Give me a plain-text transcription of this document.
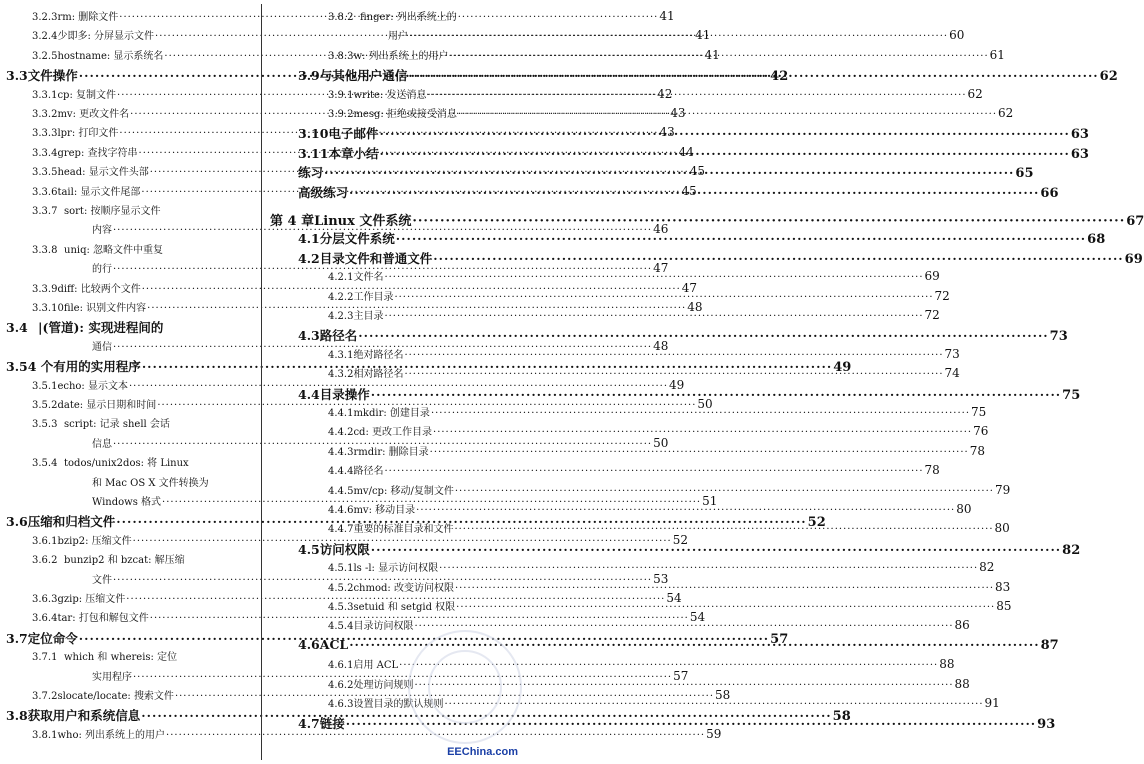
3.2.3 rm: 删除文件 ·····	41
3.2.4 少即多: 分屏显示文件 ·····	41
3.2.5 hostname: 显示系统名 ·····	41
3.3 文件操作 ·····	42
3.3.1 cp: 复制文件 ·····	42
3.3.2 mv: 更改文件名 ·····	43
3.3.3 lpr: 打印文件 ·····	43
3.3.4 grep: 查找字符串 ·····	44
3.3.5 head: 显示文件头部 ·····	45
3.3.6 tail: 显示文件尾部 ·····	45
3.3.7 sort: 按顺序显示文件
内容 ·····	46
3.3.8 uniq: 忽略文件中重复
的行 ·····	47
3.3.9 diff: 比较两个文件 ·····	47
3.3.10 file: 识别文件内容 ·····	48
3.4 |(管道): 实现进程间的
通信 ·····	48
3.5 4 个有用的实用程序 ·····	49
3.5.1 echo: 显示文本 ·····	49
3.5.2 date: 显示日期和时间 ·····	50
3.5.3 script: 记录 shell 会话
信息 ·····	50
3.5.4 todos/unix2dos: 将 Linux
和 Mac OS X 文件转换为
Windows 格式 ·····	51
3.6 压缩和归档文件 ·····	52
3.6.1 bzip2: 压缩文件 ·····	52
3.6.2 bunzip2 和 bzcat: 解压缩
文件 ·····	53
3.6.3 gzip: 压缩文件 ·····	54
3.6.4 tar: 打包和解包文件 ·····	54
3.7 定位命令 ·····	57
3.7.1 which 和 whereis: 定位
实用程序 ·····	57
3.7.2 slocate/locate: 搜索文件 ·····	58
3.8 获取用户和系统信息 ·····	58
3.8.1 who: 列出系统上的用户 ·····	59
3.8.2 finger: 列出系统上的
用户 ·····	60
3.8.3 w: 列出系统上的用户 ·····	61
3.9 与其他用户通信 ·····	62
3.9.1 write: 发送消息 ·····	62
3.9.2 mesg: 拒绝或接受消息 ·····	62
3.10 电子邮件 ·····	63
3.11 本章小结 ·····	63
练习 ·····	65
高级练习 ·····	66
第 4 章 Linux 文件系统 ·····	67
4.1 分层文件系统 ·····	68
4.2 目录文件和普通文件 ·····	69
4.2.1 文件名 ·····	69
4.2.2 工作目录 ·····	72
4.2.3 主目录 ·····	72
4.3 路径名 ·····	73
4.3.1 绝对路径名 ·····	73
4.3.2 相对路径名 ·····	74
4.4 目录操作 ·····	75
4.4.1 mkdir: 创建目录 ·····	75
4.4.2 cd: 更改工作目录 ·····	76
4.4.3 rmdir: 删除目录 ·····	78
4.4.4 路径名 ·····	78
4.4.5 mv/cp: 移动/复制文件 ·····	79
4.4.6 mv: 移动目录 ·····	80
4.4.7 重要的标准目录和文件 ·····	80
4.5 访问权限 ·····	82
4.5.1 ls -l: 显示访问权限 ·····	82
4.5.2 chmod: 改变访问权限 ·····	83
4.5.3 setuid 和 setgid 权限 ·····	85
4.5.4 目录访问权限 ·····	86
4.6 ACL ·····	87
4.6.1 启用 ACL ·····	88
4.6.2 处理访问规则 ·····	88
4.6.3 设置目录的默认规则 ·····	91
4.7 链接 ·····	93
EEChina.com
